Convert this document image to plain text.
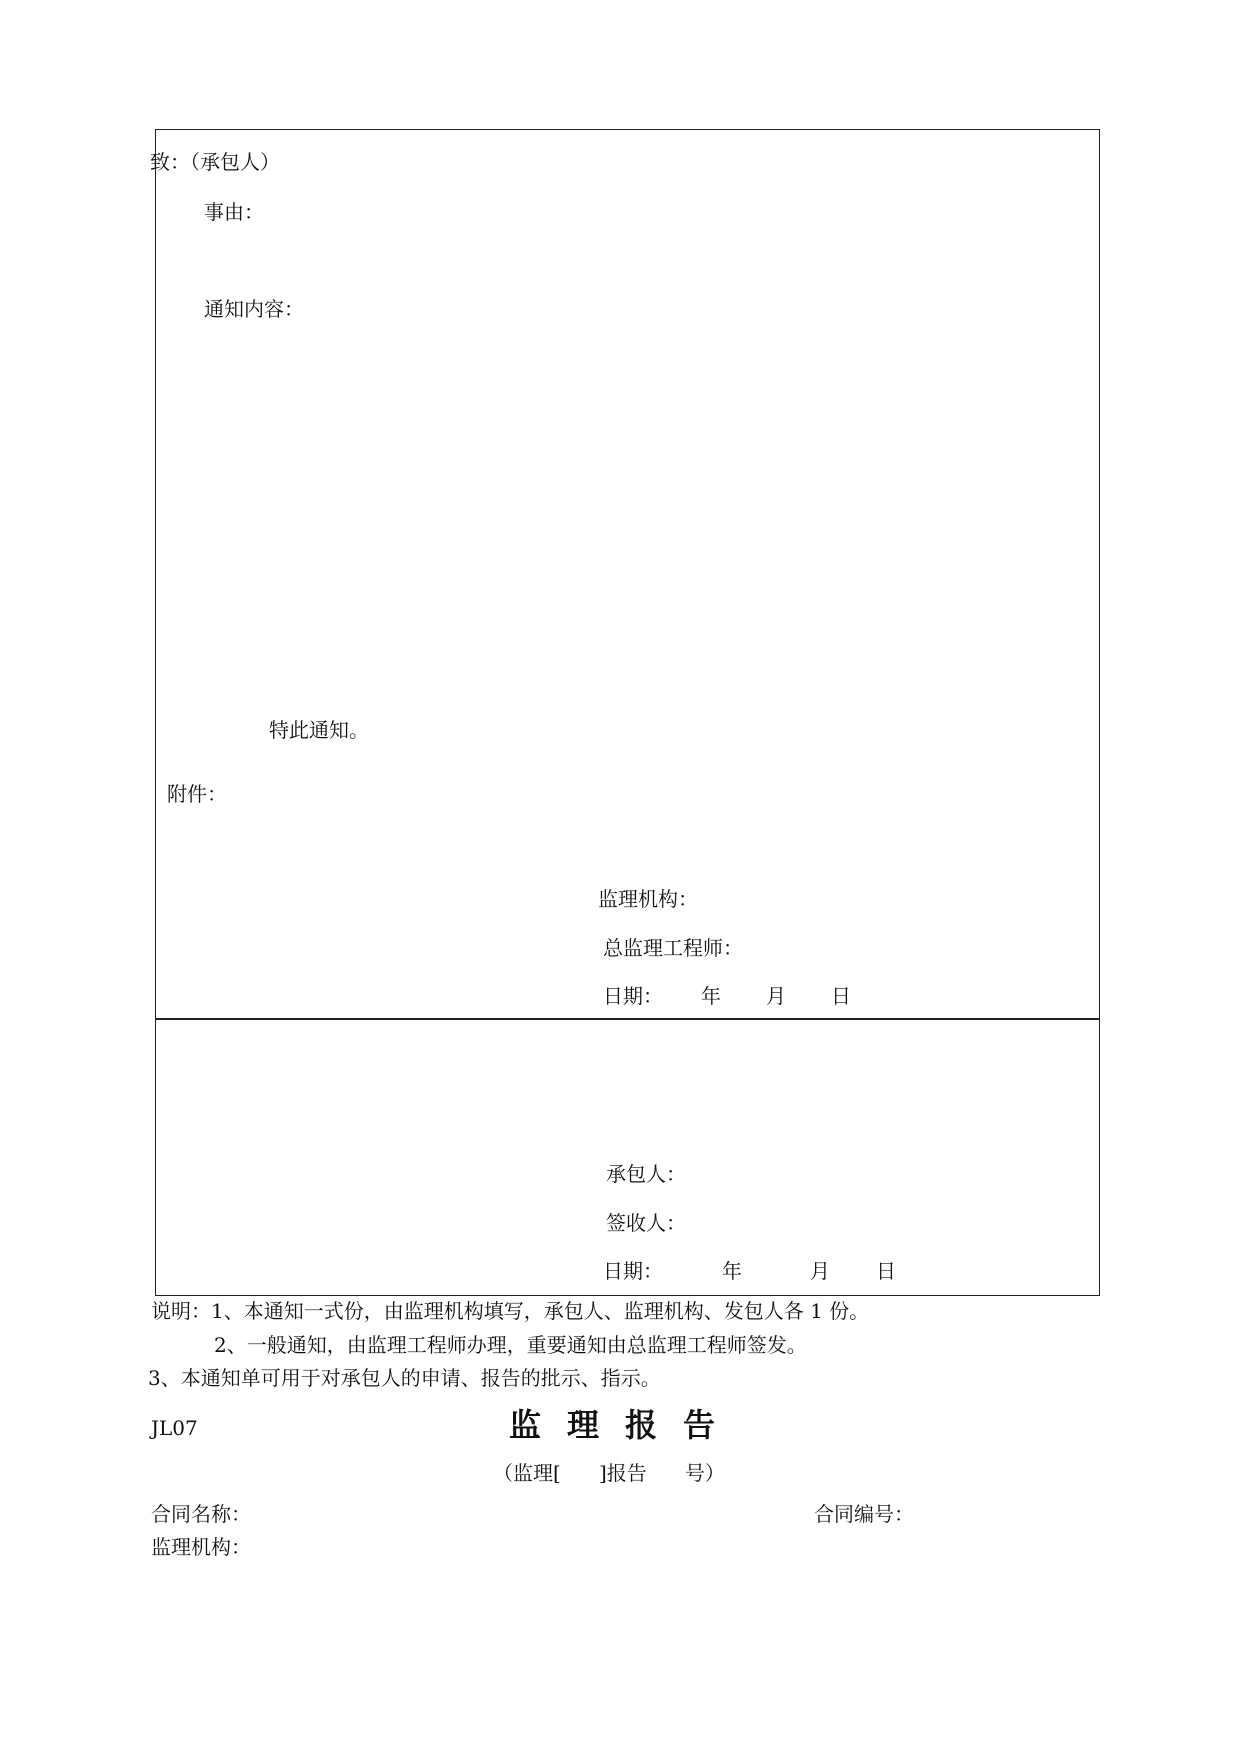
致：（承包人）
事由：
通知内容：
特此通知。
附件：
监理机构：
总监理工程师：
日期： 年 月 日
承包人：
签收人：
日期：	年	月 日
说明：1、本通知一式份，由监理机构填写，承包人、监理机构、发包人各 1 份。
2、一般通知，由监理工程师办理，重要通知由总监理工程师签发。
3、本通知单可用于对承包人的申请、报告的批示、指示。
JL07	监理报告
（监理[      ]报告      号）
合同名称：	合同编号：
监理机构：
